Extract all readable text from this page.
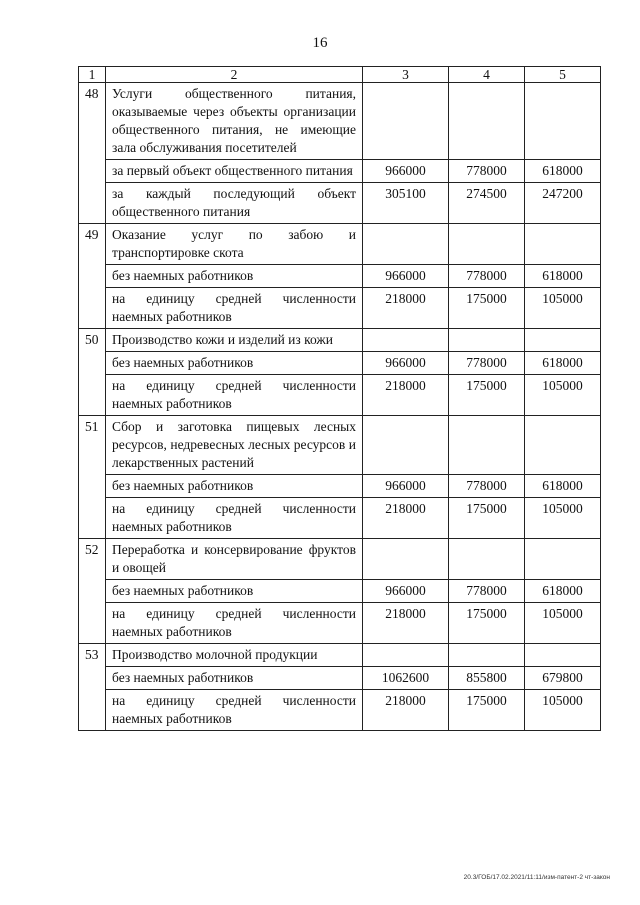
16
1	2	3	4	5
48	Услуги общественного питания, оказываемые через объекты организации общественного питания, не имеющие зала обслуживания посетителей			
	за первый объект общественного питания	966000	778000	618000
	за каждый последующий объект общественного питания	305100	274500	247200
49	Оказание услуг по забою и транспортировке скота			
	без наемных работников	966000	778000	618000
	на единицу средней численности наемных работников	218000	175000	105000
50	Производство кожи и изделий из кожи			
	без наемных работников	966000	778000	618000
	на единицу средней численности наемных работников	218000	175000	105000
51	Сбор и заготовка пищевых лесных ресурсов, недревесных лесных ресурсов и лекарственных растений			
	без наемных работников	966000	778000	618000
	на единицу средней численности наемных работников	218000	175000	105000
52	Переработка и консервирование фруктов и овощей			
	без наемных работников	966000	778000	618000
	на единицу средней численности наемных работников	218000	175000	105000
53	Производство молочной продукции			
	без наемных работников	1062600	855800	679800
	на единицу средней численности наемных работников	218000	175000	105000
20.3/ГОБ/17.02.2021/11:11/изм-патент-2 чт-закон
